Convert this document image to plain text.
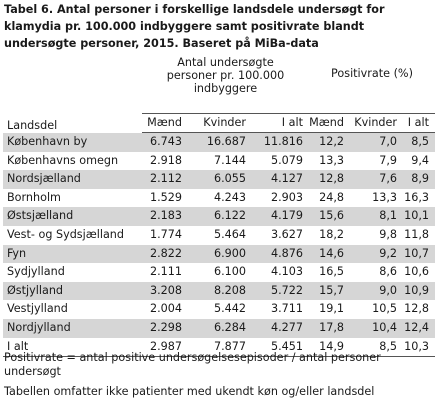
Tabel 6. Antal personer i forskellige landsdele undersøgt for
klamydia pr. 100.000 indbyggere samt positivrate blandt
undersøgte personer, 2015. Baseret på MiBa-data
Landsdel	Antal undersøgte
personer pr. 100.000
indbyggere			Positivrate (%)		
	Mænd	Kvinder	I alt	Mænd	Kvinder	I alt
København by	6.743	16.687	11.816	12,2	7,0	8,5
Københavns omegn	2.918	7.144	5.079	13,3	7,9	9,4
Nordsjælland	2.112	6.055	4.127	12,8	7,6	8,9
Bornholm	1.529	4.243	2.903	24,8	13,3	16,3
Østsjælland	2.183	6.122	4.179	15,6	8,1	10,1
Vest- og Sydsjælland	1.774	5.464	3.627	18,2	9,8	11,8
Fyn	2.822	6.900	4.876	14,6	9,2	10,7
Sydjylland	2.111	6.100	4.103	16,5	8,6	10,6
Østjylland	3.208	8.208	5.722	15,7	9,0	10,9
Vestjylland	2.004	5.442	3.711	19,1	10,5	12,8
Nordjylland	2.298	6.284	4.277	17,8	10,4	12,4
I alt	2.987	7.877	5.451	14,9	8,5	10,3
Positivrate = antal positive undersøgelsesepisoder / antal personer undersøgt
Tabellen omfatter ikke patienter med ukendt køn og/eller landsdel
